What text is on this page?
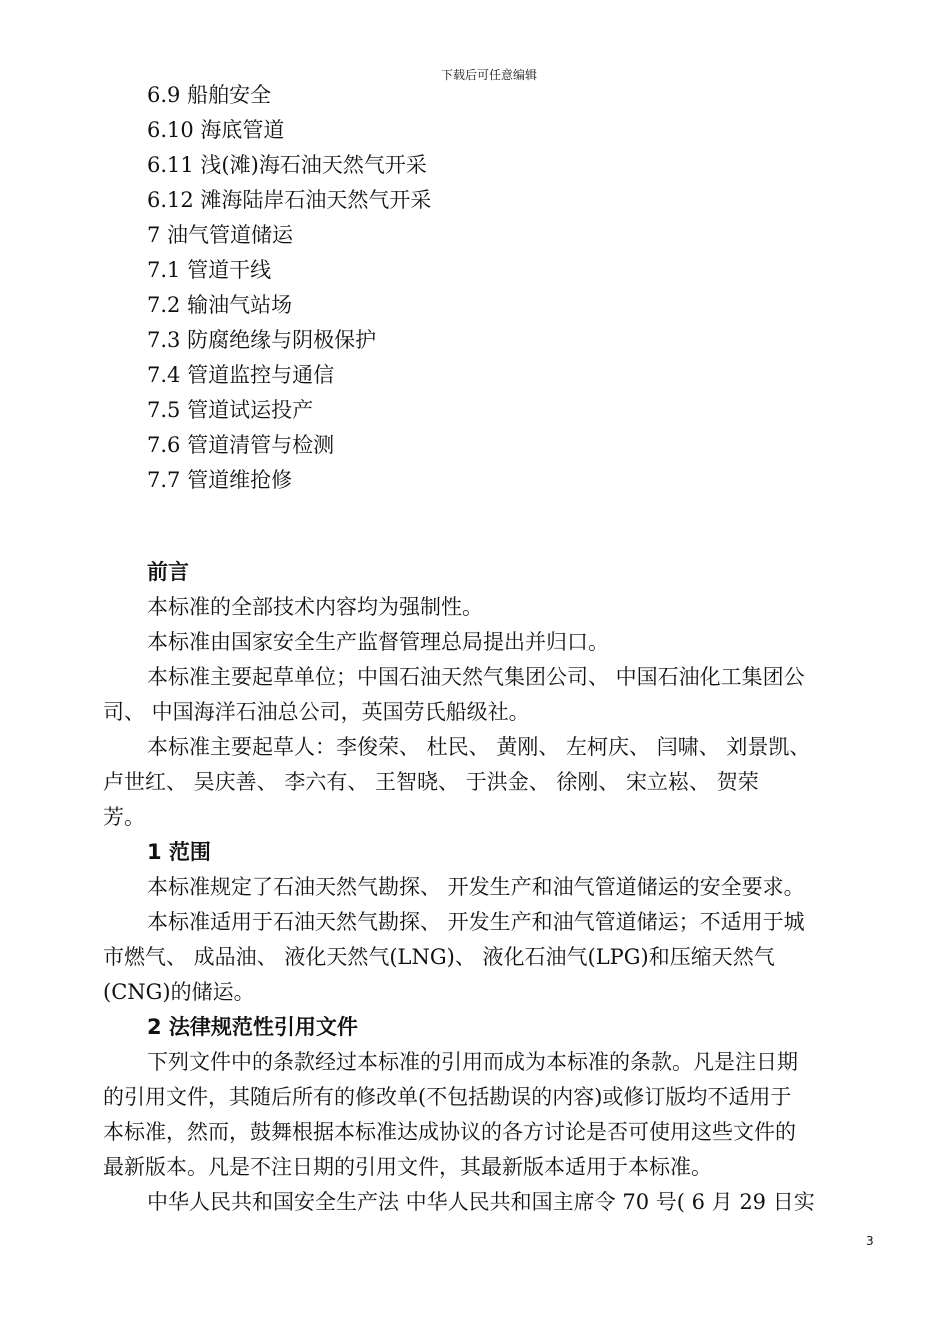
下载后可任意编辑
6.9 船舶安全
6.10 海底管道
6.11 浅(滩)海石油天然气开采
6.12 滩海陆岸石油天然气开采
7 油气管道储运
7.1 管道干线
7.2 输油气站场
7.3 防腐绝缘与阴极保护
7.4 管道监控与通信
7.5 管道试运投产
7.6 管道清管与检测
7.7 管道维抢修

前言

本标准的全部技术内容均为强制性。

本标准由国家安全生产监督管理总局提出并归口。

本标准主要起草单位；中国石油天然气集团公司、 中国石油化工集团公
司、 中国海洋石油总公司，英国劳氏船级社。

本标准主要起草人：李俊荣、 杜民、 黄刚、 左柯庆、 闫啸、 刘景凯、
卢世红、 吴庆善、 李六有、 王智晓、 于洪金、 徐刚、 宋立崧、 贺荣
芳。

1 范围

本标准规定了石油天然气勘探、 开发生产和油气管道储运的安全要求。

本标准适用于石油天然气勘探、 开发生产和油气管道储运；不适用于城
市燃气、 成品油、 液化天然气(LNG)、 液化石油气(LPG)和压缩天然气
(CNG)的储运。

2 法律规范性引用文件

下列文件中的条款经过本标准的引用而成为本标准的条款。凡是注日期
的引用文件，其随后所有的修改单(不包括勘误的内容)或修订版均不适用于
本标准，然而，鼓舞根据本标准达成协议的各方讨论是否可使用这些文件的
最新版本。凡是不注日期的引用文件，其最新版本适用于本标准。

中华人民共和国安全生产法 中华人民共和国主席令 70 号( 6 月 29 日实

3
